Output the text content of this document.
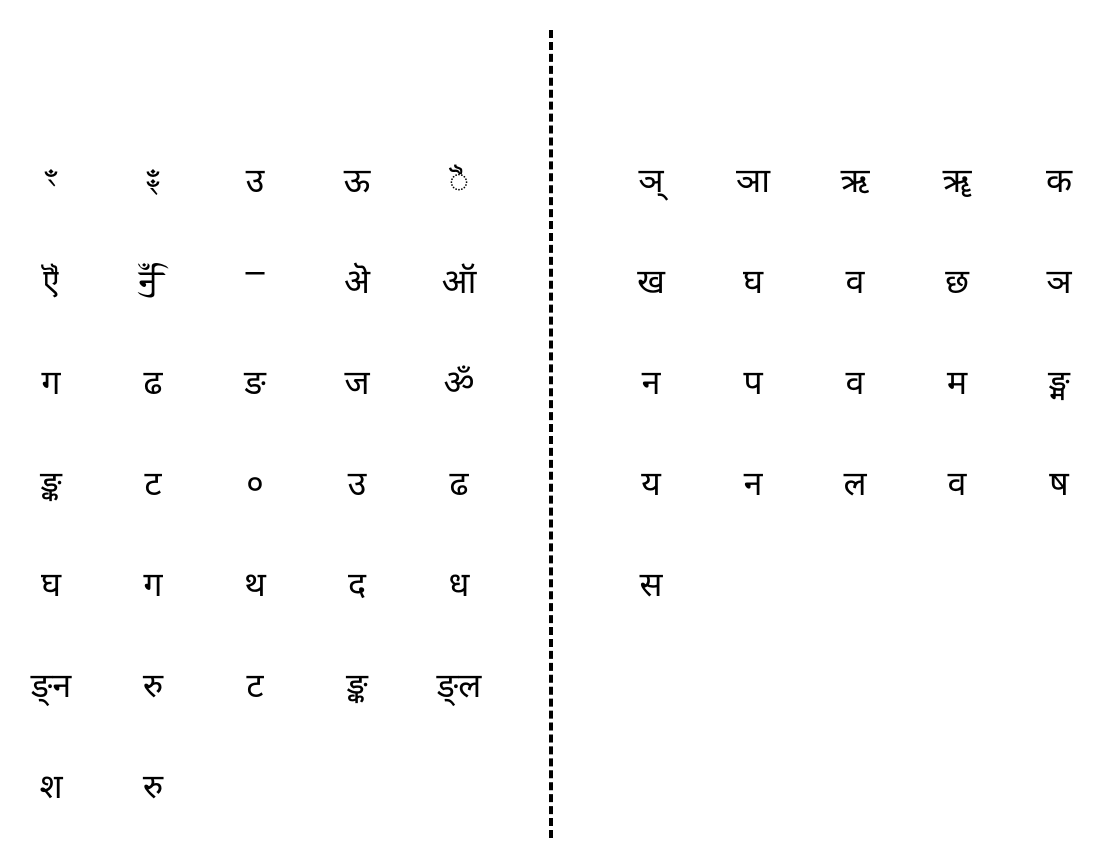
ꣳ	ꣴ	उ	ऊ	ꣿ
ꣾ	ꣽ	ꣻ	ऄ	ऑ
ग	ढ	ङ	ज	ॐ
ङ्क	ट	०	उ	ढ
घ	ग	थ	द	ध
ङ्न	रु	ट	ङ्क	ङ्ल
श	रु
ञ्	ञा	ऋ	ॠ	क
ख	घ	व	छ	ञ
न	प	व	म	ङ्म
य	न	ल	व	ष
स
